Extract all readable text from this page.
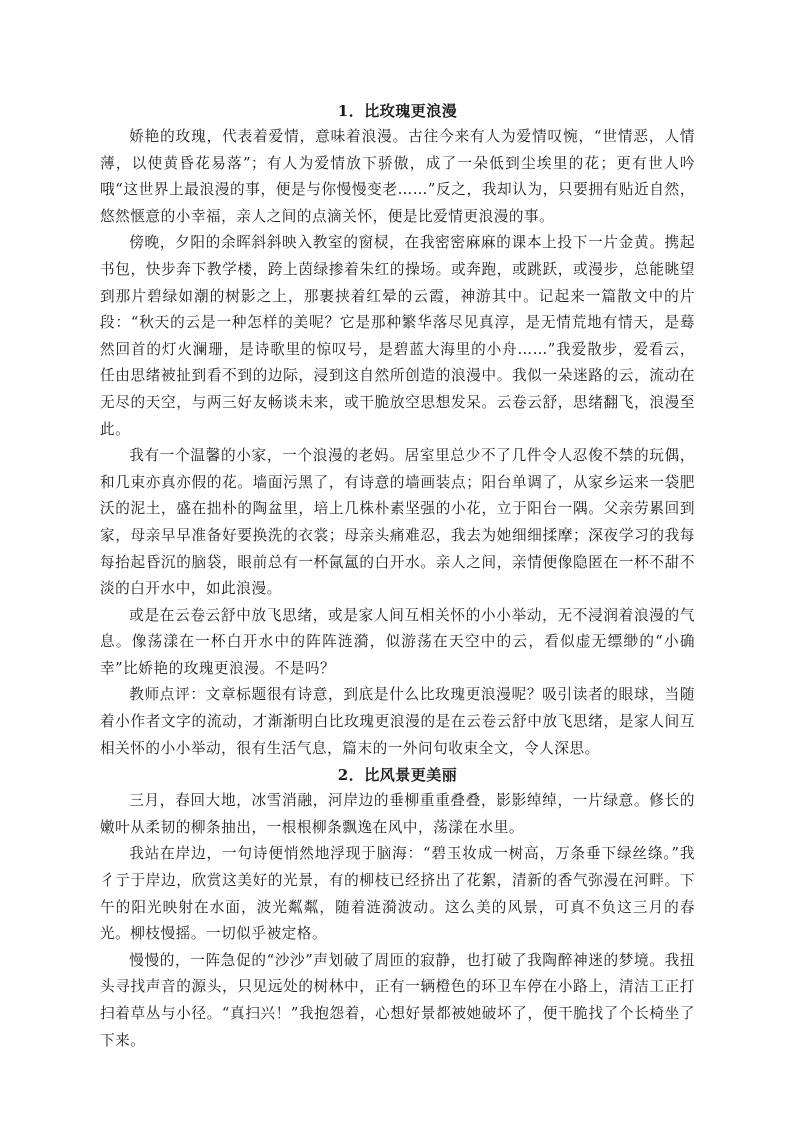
1．比玫瑰更浪漫

娇艳的玫瑰，代表着爱情，意味着浪漫。古往今来有人为爱情叹惋，“世情恶，人情薄，以使黄昏花易落”；有人为爱情放下骄傲，成了一朵低到尘埃里的花；更有世人吟哦“这世界上最浪漫的事，便是与你慢慢变老……”反之，我却认为，只要拥有贴近自然，悠然惬意的小幸福，亲人之间的点滴关怀，便是比爱情更浪漫的事。

傍晚，夕阳的余晖斜斜映入教室的窗棂，在我密密麻麻的课本上投下一片金黄。携起书包，快步奔下教学楼，跨上茵绿掺着朱红的操场。或奔跑，或跳跃，或漫步，总能眺望到那片碧绿如潮的树影之上，那裹挟着红晕的云霞，神游其中。记起来一篇散文中的片段：“秋天的云是一种怎样的美呢？它是那种繁华落尽见真淳，是无情荒地有情天，是蓦然回首的灯火澜珊，是诗歌里的惊叹号，是碧蓝大海里的小舟……”我爱散步，爱看云，任由思绪被扯到看不到的边际，浸到这自然所创造的浪漫中。我似一朵迷路的云，流动在无尽的天空，与两三好友畅谈未来，或干脆放空思想发呆。云卷云舒，思绪翻飞，浪漫至此。

我有一个温馨的小家，一个浪漫的老妈。居室里总少不了几件令人忍俊不禁的玩偶，和几束亦真亦假的花。墙面污黑了，有诗意的墙画装点；阳台单调了，从家乡运来一袋肥沃的泥土，盛在拙朴的陶盆里，培上几株朴素坚强的小花，立于阳台一隅。父亲劳累回到家，母亲早早准备好要换洗的衣裳；母亲头痛难忍，我去为她细细揉摩；深夜学习的我每每抬起昏沉的脑袋，眼前总有一杯氤氲的白开水。亲人之间，亲情便像隐匿在一杯不甜不淡的白开水中，如此浪漫。

或是在云卷云舒中放飞思绪，或是家人间互相关怀的小小举动，无不浸润着浪漫的气息。像荡漾在一杯白开水中的阵阵涟漪，似游荡在天空中的云，看似虚无缥缈的“小确幸”比娇艳的玫瑰更浪漫。不是吗？

教师点评：文章标题很有诗意，到底是什么比玫瑰更浪漫呢？吸引读者的眼球，当随着小作者文字的流动，才渐渐明白比玫瑰更浪漫的是在云卷云舒中放飞思绪，是家人间互相关怀的小小举动，很有生活气息，篇末的一外问句收束全文，令人深思。

2．比风景更美丽

三月，春回大地，冰雪消融，河岸边的垂柳重重叠叠，影影绰绰，一片绿意。修长的嫩叶从柔韧的柳条抽出，一根根柳条飘逸在风中，荡漾在水里。

我站在岸边，一句诗便悄然地浮现于脑海：“碧玉妆成一树高，万条垂下绿丝绦。”我彳亍于岸边，欣赏这美好的光景，有的柳枝已经挤出了花絮，清新的香气弥漫在河畔。下午的阳光映射在水面，波光粼粼，随着涟漪波动。这么美的风景，可真不负这三月的春光。柳枝慢摇。一切似乎被定格。

慢慢的，一阵急促的“沙沙”声划破了周匝的寂静，也打破了我陶醉神迷的梦境。我扭头寻找声音的源头，只见远处的树林中，正有一辆橙色的环卫车停在小路上，清洁工正打扫着草丛与小径。“真扫兴！”我抱怨着，心想好景都被她破坏了，便干脆找了个长椅坐了下来。
